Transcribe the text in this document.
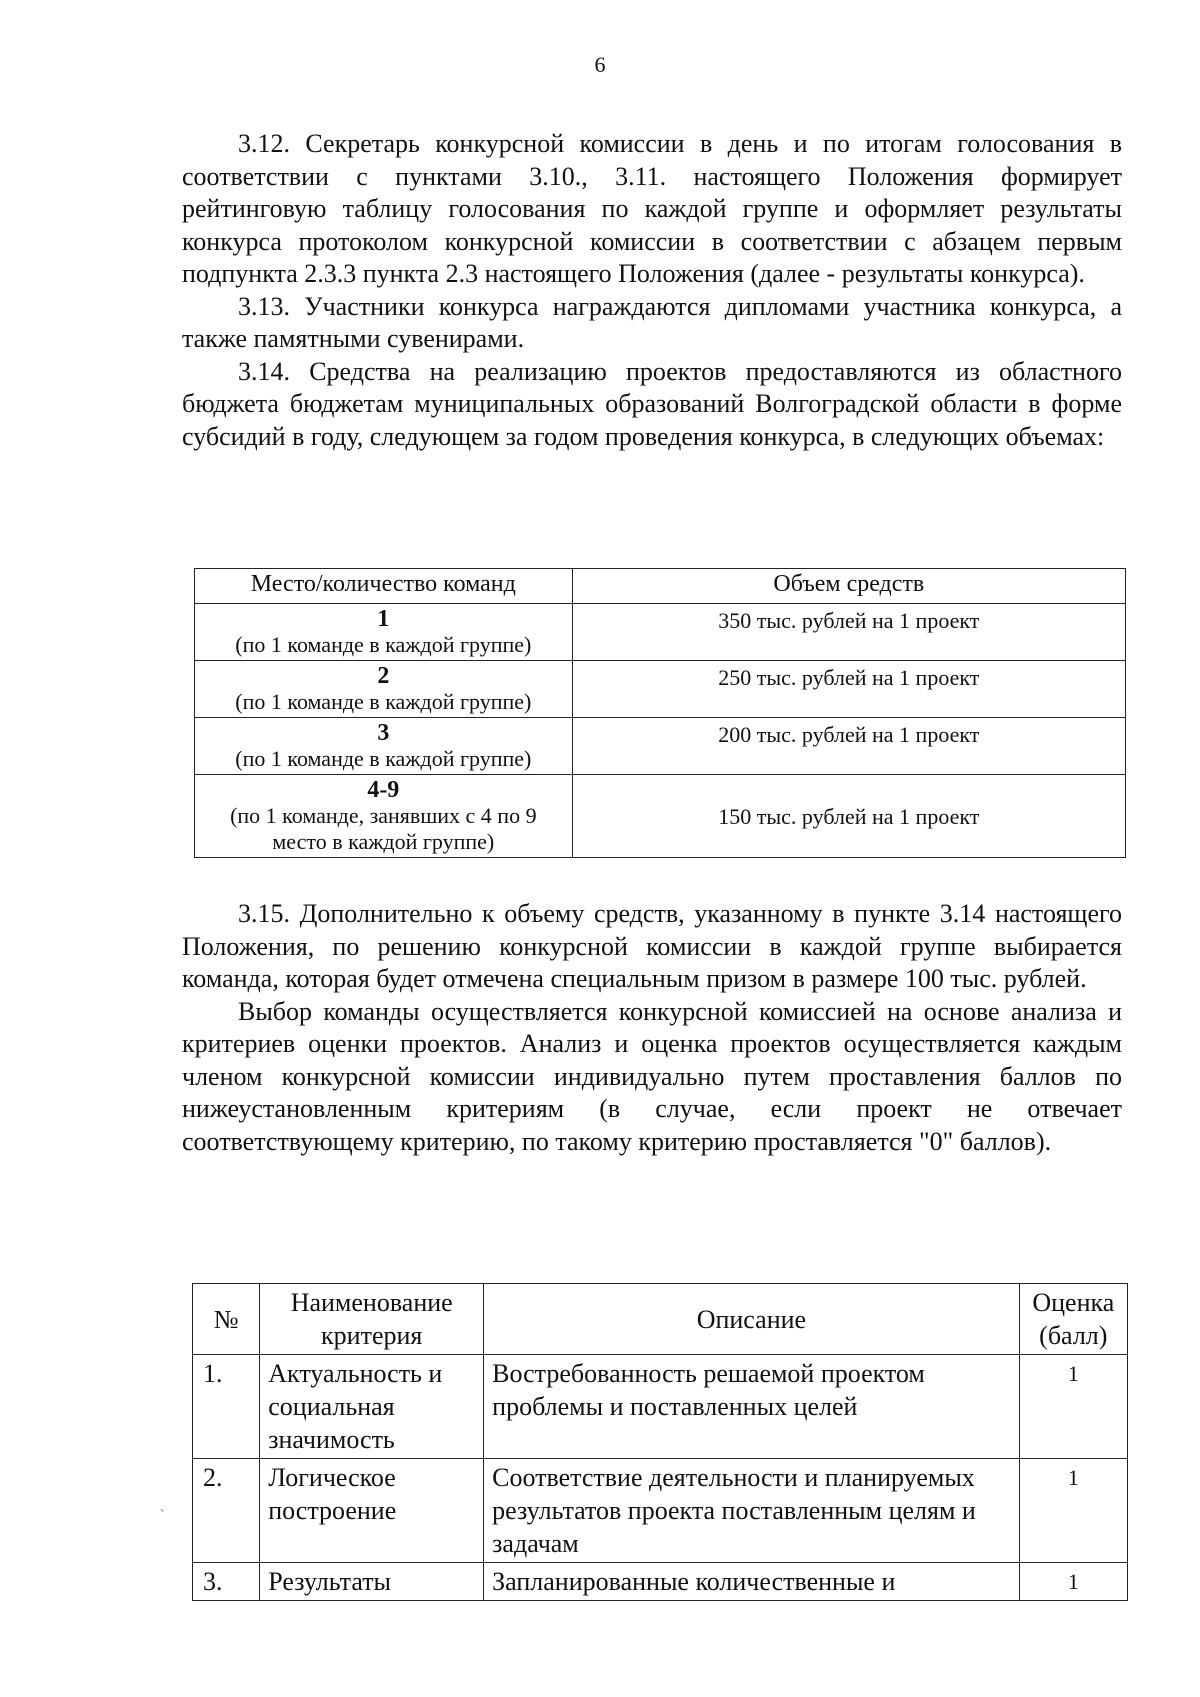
6

3.12. Секретарь конкурсной комиссии в день и по итогам голосования в соответствии с пунктами 3.10., 3.11. настоящего Положения формирует рейтинговую таблицу голосования по каждой группе и оформляет результаты конкурса протоколом конкурсной комиссии в соответствии с абзацем первым подпункта 2.3.3 пункта 2.3 настоящего Положения (далее - результаты конкурса).

3.13. Участники конкурса награждаются дипломами участника конкурса, а также памятными сувенирами.

3.14. Средства на реализацию проектов предоставляются из областного бюджета бюджетам муниципальных образований Волгоградской области в форме субсидий в году, следующем за годом проведения конкурса, в следующих объемах:

Место/количество команд	Объем средств

1
(по 1 команде в каждой группе)	350 тыс. рублей на 1 проект

2
(по 1 команде в каждой группе)	250 тыс. рублей на 1 проект

3
(по 1 команде в каждой группе)	200 тыс. рублей на 1 проект

4-9
(по 1 команде, занявших с 4 по 9 место в каждой группе)	150 тыс. рублей на 1 проект

3.15. Дополнительно к объему средств, указанному в пункте 3.14 настоящего Положения, по решению конкурсной комиссии в каждой группе выбирается команда, которая будет отмечена специальным призом в размере 100 тыс. рублей.

Выбор команды осуществляется конкурсной комиссией на основе анализа и критериев оценки проектов. Анализ и оценка проектов осуществляется каждым членом конкурсной комиссии индивидуально путем проставления баллов по нижеустановленным критериям (в случае, если проект не отвечает соответствующему критерию, по такому критерию проставляется "0" баллов).

№	Наименование критерия	Описание	Оценка (балл)
1.	Актуальность и социальная значимость	Востребованность решаемой проектом проблемы и поставленных целей	1
2.	Логическое построение	Соответствие деятельности и планируемых результатов проекта поставленным целям и задачам	1
3.	Результаты	Запланированные количественные и	1
`
